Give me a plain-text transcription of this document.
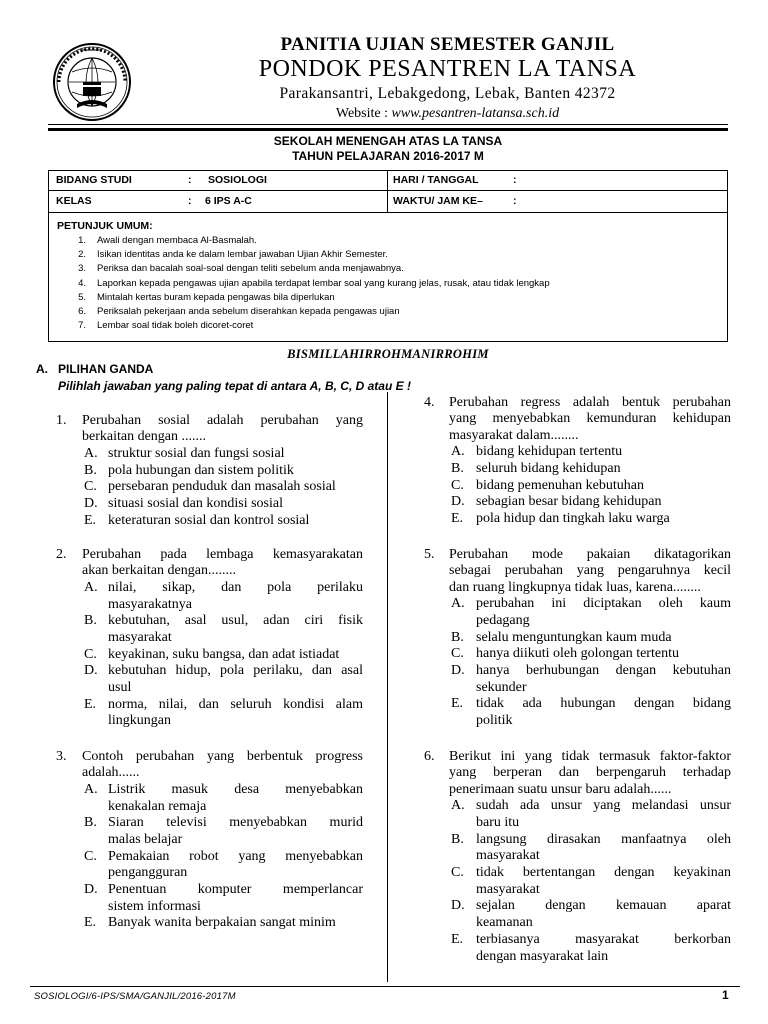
PANITIA UJIAN SEMESTER GANJIL
PONDOK PESANTREN LA TANSA
Parakansantri, Lebakgedong, Lebak, Banten 42372
Website : www.pesantren-latansa.sch.id
SEKOLAH MENENGAH ATAS LA TANSA
TAHUN PELAJARAN 2016-2017 M
BIDANG STUDI	: SOSIOLOGI	HARI / TANGGAL	:
KELAS	: 6 IPS A-C	WAKTU/ JAM KE–	:
PETUNJUK UMUM:
1. Awali dengan membaca Al-Basmalah.
2. Isikan identitas anda ke dalam lembar jawaban Ujian Akhir Semester.
3. Periksa dan bacalah soal-soal dengan teliti sebelum anda menjawabnya.
4. Laporkan kepada pengawas ujian apabila terdapat lembar soal yang kurang jelas, rusak, atau tidak lengkap
5. Mintalah kertas buram kepada pengawas bila diperlukan
6. Periksalah pekerjaan anda sebelum diserahkan kepada pengawas ujian
7. Lembar soal tidak boleh dicoret-coret
BISMILLAHIRROHMANIRROHIM
A. PILIHAN GANDA
Pilihlah jawaban yang paling tepat di antara A, B, C, D atau E !
1.	Perubahan sosial adalah perubahan yang
berkaitan dengan .......
A. struktur sosial dan fungsi sosial
B. pola hubungan dan sistem politik
C. persebaran penduduk dan masalah sosial
D. situasi sosial dan kondisi sosial
E. keteraturan sosial dan kontrol sosial
2.	Perubahan pada lembaga kemasyarakatan
akan berkaitan dengan........
A. nilai, sikap, dan pola perilaku
masyarakatnya
B. kebutuhan, asal usul, adan ciri fisik
masyarakat
C. keyakinan, suku bangsa, dan adat istiadat
D. kebutuhan hidup, pola perilaku, dan asal
usul
E. norma, nilai, dan seluruh kondisi alam
lingkungan
3.	Contoh perubahan yang berbentuk progress
adalah......
A. Listrik masuk desa menyebabkan
kenakalan remaja
B. Siaran televisi menyebabkan murid
malas belajar
C. Pemakaian robot yang menyebabkan
pengangguran
D. Penentuan komputer memperlancar
sistem informasi
E. Banyak wanita berpakaian sangat minim
4.	Perubahan regress adalah bentuk perubahan
yang menyebabkan kemunduran kehidupan
masyarakat dalam........
A. bidang kehidupan tertentu
B. seluruh bidang kehidupan
C. bidang pemenuhan kebutuhan
D. sebagian besar bidang kehidupan
E. pola hidup dan tingkah laku warga
5.	Perubahan mode pakaian dikatagorikan
sebagai perubahan yang pengaruhnya kecil
dan ruang lingkupnya tidak luas, karena........
A. perubahan ini diciptakan oleh kaum
pedagang
B. selalu menguntungkan kaum muda
C. hanya diikuti oleh golongan tertentu
D. hanya berhubungan dengan kebutuhan
sekunder
E. tidak ada hubungan dengan bidang
politik
6.	Berikut ini yang tidak termasuk faktor-faktor
yang berperan dan berpengaruh terhadap
penerimaan suatu unsur baru adalah......
A. sudah ada unsur yang melandasi unsur
baru itu
B. langsung dirasakan manfaatnya oleh
masyarakat
C. tidak bertentangan dengan keyakinan
masyarakat
D. sejalan dengan kemauan aparat
keamanan
E. terbiasanya masyarakat berkorban
dengan masyarakat lain
SOSIOLOGI/6-IPS/SMA/GANJIL/2016-2017M	1
